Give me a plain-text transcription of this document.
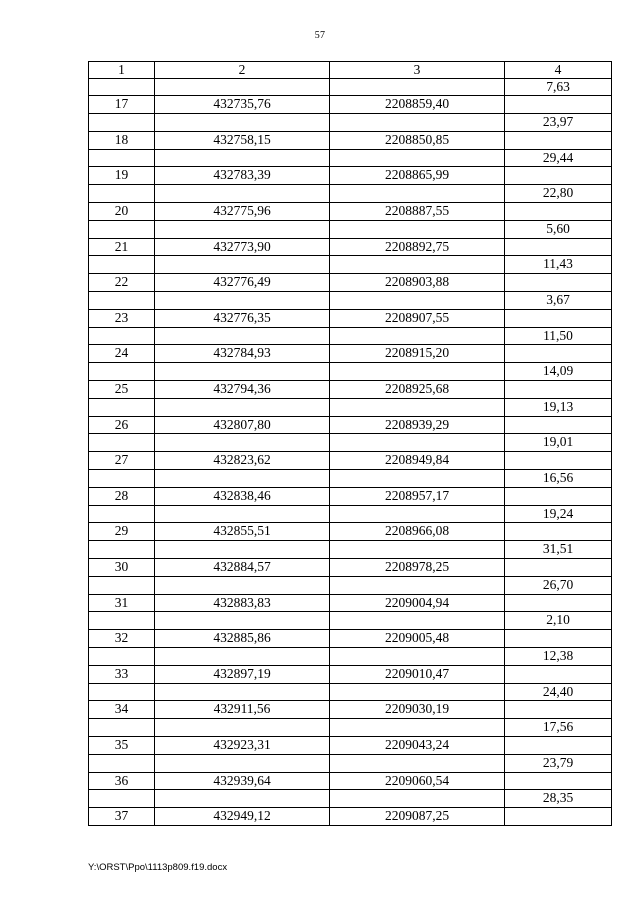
57
1	2	3	4
			7,63
17	432735,76	2208859,40	
			23,97
18	432758,15	2208850,85	
			29,44
19	432783,39	2208865,99	
			22,80
20	432775,96	2208887,55	
			5,60
21	432773,90	2208892,75	
			11,43
22	432776,49	2208903,88	
			3,67
23	432776,35	2208907,55	
			11,50
24	432784,93	2208915,20	
			14,09
25	432794,36	2208925,68	
			19,13
26	432807,80	2208939,29	
			19,01
27	432823,62	2208949,84	
			16,56
28	432838,46	2208957,17	
			19,24
29	432855,51	2208966,08	
			31,51
30	432884,57	2208978,25	
			26,70
31	432883,83	2209004,94	
			2,10
32	432885,86	2209005,48	
			12,38
33	432897,19	2209010,47	
			24,40
34	432911,56	2209030,19	
			17,56
35	432923,31	2209043,24	
			23,79
36	432939,64	2209060,54	
			28,35
37	432949,12	2209087,25	
Y:\ORST\Ppo\1113p809.f19.docx
